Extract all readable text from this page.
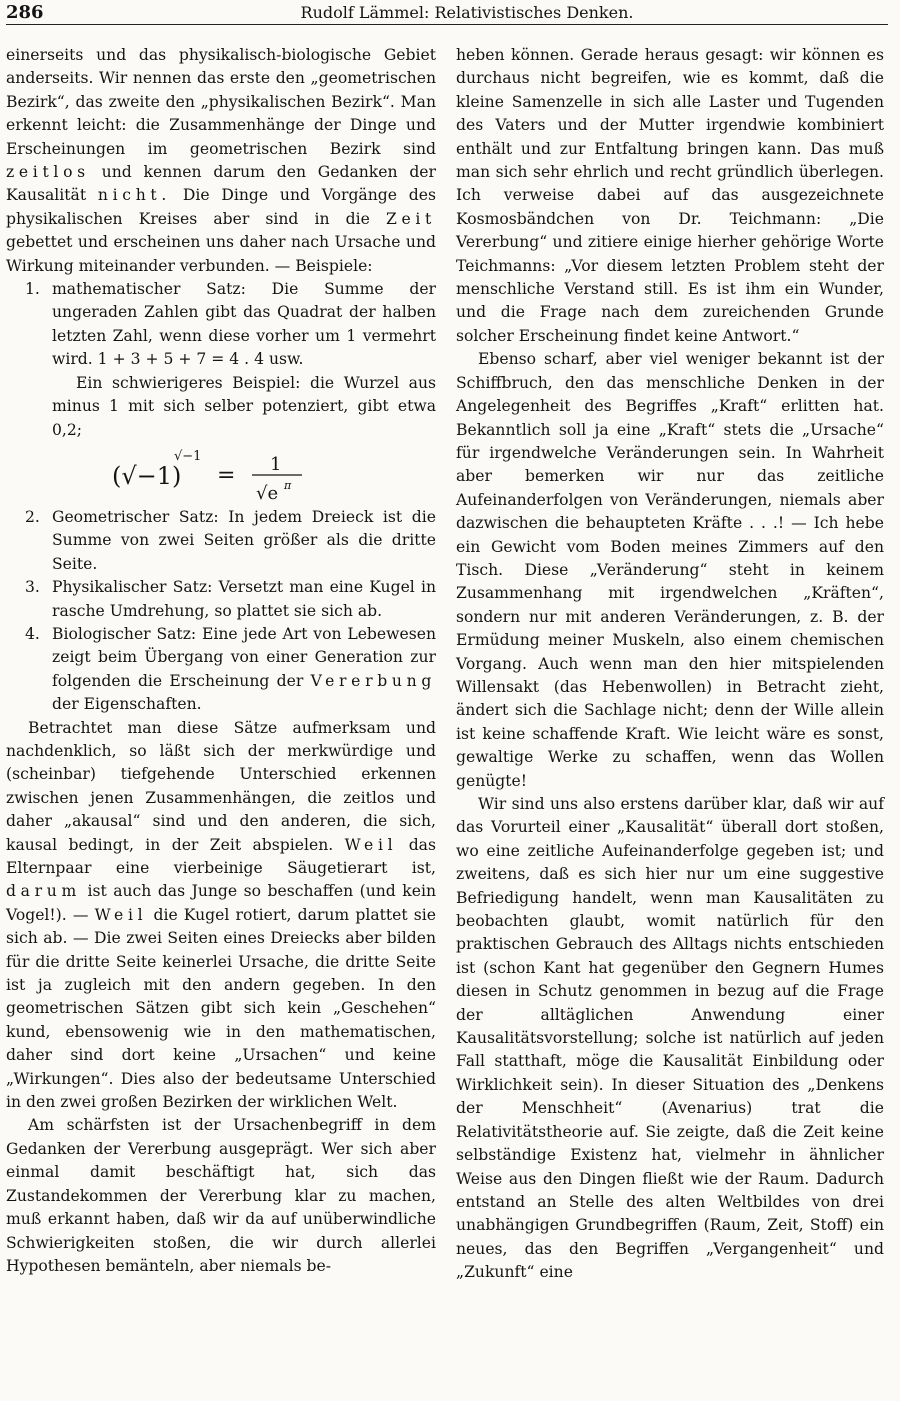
286	Rudolf Lämmel: Relativistisches Denken.

einerseits und das physikalisch-biologische Gebiet anderseits. Wir nennen das erste den „geometrischen Bezirk“, das zweite den „physikalischen Bezirk“. Man erkennt leicht: die Zusammenhänge der Dinge und Erscheinungen im geometrischen Bezirk sind zeitlos und kennen darum den Gedanken der Kausalität nicht. Die Dinge und Vorgänge des physikalischen Kreises aber sind in die Zeit gebettet und erscheinen uns daher nach Ursache und Wirkung miteinander verbunden. — Beispiele:

1. mathematischer Satz: Die Summe der ungeraden Zahlen gibt das Quadrat der halben letzten Zahl, wenn diese vorher um 1 vermehrt wird. 1 + 3 + 5 + 7 = 4 . 4 usw.

Ein schwierigeres Beispiel: die Wurzel aus minus 1 mit sich selber potenziert, gibt etwa 0,2;

(√−1)
√−1
= 1
√e π
2. Geometrischer Satz: In jedem Dreieck ist die Summe von zwei Seiten größer als die dritte Seite.
3. Physikalischer Satz: Versetzt man eine Kugel in rasche Umdrehung, so plattet sie sich ab.
4. Biologischer Satz: Eine jede Art von Lebewesen zeigt beim Übergang von einer Generation zur folgenden die Erscheinung der Vererbung der Eigenschaften.

Betrachtet man diese Sätze aufmerksam und nachdenklich, so läßt sich der merkwürdige und (scheinbar) tiefgehende Unterschied erkennen zwischen jenen Zusammenhängen, die zeitlos und daher „akausal“ sind und den anderen, die sich, kausal bedingt, in der Zeit abspielen. Weil das Elternpaar eine vierbeinige Säugetierart ist, darum ist auch das Junge so beschaffen (und kein Vogel!). — Weil die Kugel rotiert, darum plattet sie sich ab. — Die zwei Seiten eines Dreiecks aber bilden für die dritte Seite keinerlei Ursache, die dritte Seite ist ja zugleich mit den andern gegeben. In den geometrischen Sätzen gibt sich kein „Geschehen“ kund, ebensowenig wie in den mathematischen, daher sind dort keine „Ursachen“ und keine „Wirkungen“. Dies also der bedeutsame Unterschied in den zwei großen Bezirken der wirklichen Welt.

Am schärfsten ist der Ursachenbegriff in dem Gedanken der Vererbung ausgeprägt. Wer sich aber einmal damit beschäftigt hat, sich das Zustandekommen der Vererbung klar zu machen, muß erkannt haben, daß wir da auf unüberwindliche Schwierigkeiten stoßen, die wir durch allerlei Hypothesen bemänteln, aber niemals be-

heben können. Gerade heraus gesagt: wir können es durchaus nicht begreifen, wie es kommt, daß die kleine Samenzelle in sich alle Laster und Tugenden des Vaters und der Mutter irgendwie kombiniert enthält und zur Entfaltung bringen kann. Das muß man sich sehr ehrlich und recht gründlich überlegen. Ich verweise dabei auf das ausgezeichnete Kosmosbändchen von Dr. Teichmann: „Die Vererbung“ und zitiere einige hierher gehörige Worte Teichmanns: „Vor diesem letzten Problem steht der menschliche Verstand still. Es ist ihm ein Wunder, und die Frage nach dem zureichenden Grunde solcher Erscheinung findet keine Antwort.“

Ebenso scharf, aber viel weniger bekannt ist der Schiffbruch, den das menschliche Denken in der Angelegenheit des Begriffes „Kraft“ erlitten hat. Bekanntlich soll ja eine „Kraft“ stets die „Ursache“ für irgendwelche Veränderungen sein. In Wahrheit aber bemerken wir nur das zeitliche Aufeinanderfolgen von Veränderungen, niemals aber dazwischen die behaupteten Kräfte . . .! — Ich hebe ein Gewicht vom Boden meines Zimmers auf den Tisch. Diese „Veränderung“ steht in keinem Zusammenhang mit irgendwelchen „Kräften“, sondern nur mit anderen Veränderungen, z. B. der Ermüdung meiner Muskeln, also einem chemischen Vorgang. Auch wenn man den hier mitspielenden Willensakt (das Hebenwollen) in Betracht zieht, ändert sich die Sachlage nicht; denn der Wille allein ist keine schaffende Kraft. Wie leicht wäre es sonst, gewaltige Werke zu schaffen, wenn das Wollen genügte!

Wir sind uns also erstens darüber klar, daß wir auf das Vorurteil einer „Kausalität“ überall dort stoßen, wo eine zeitliche Aufeinanderfolge gegeben ist; und zweitens, daß es sich hier nur um eine suggestive Befriedigung handelt, wenn man Kausalitäten zu beobachten glaubt, womit natürlich für den praktischen Gebrauch des Alltags nichts entschieden ist (schon Kant hat gegenüber den Gegnern Humes diesen in Schutz genommen in bezug auf die Frage der alltäglichen Anwendung einer Kausalitätsvorstellung; solche ist natürlich auf jeden Fall statthaft, möge die Kausalität Einbildung oder Wirklichkeit sein). In dieser Situation des „Denkens der Menschheit“ (Avenarius) trat die Relativitätstheorie auf. Sie zeigte, daß die Zeit keine selbständige Existenz hat, vielmehr in ähnlicher Weise aus den Dingen fließt wie der Raum. Dadurch entstand an Stelle des alten Weltbildes von drei unabhängigen Grundbegriffen (Raum, Zeit, Stoff) ein neues, das den Begriffen „Vergangenheit“ und „Zukunft“ eine
